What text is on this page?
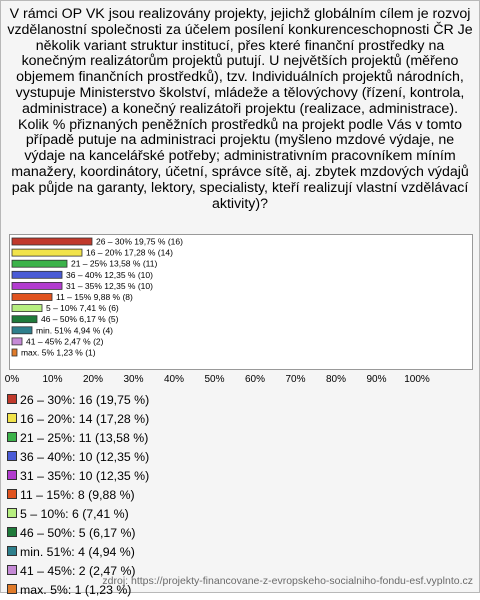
V rámci OP VK jsou realizovány projekty, jejichž globálním cílem je rozvoj vzdělanostní společnosti za účelem posílení konkurenceschopnosti ČR Je několik variant struktur institucí, přes které finanční prostředky na konečným realizátorům projektů putují. U největších projektů (měřeno objemem finančních prostředků), tzv. Individuálních projektů národních, vystupuje Ministerstvo školství, mládeže a tělovýchovy (řízení, kontrola, administrace) a konečný realizátoři projektu (realizace, administrace). Kolik % přiznaných peněžních prostředků na projekt podle Vás v tomto případě putuje na administraci projektu (myšleno mzdové výdaje, ne výdaje na kancelářské potřeby; administrativním pracovníkem míním manažery, koordinátory, účetní, správce sítě, aj. zbytek mzdových výdajů pak půjde na garanty, lektory, specialisty, kteří realizují vlastní vzdělávací aktivity)?

26 – 30% 19,75 % (16)
16 – 20% 17,28 % (14)
21 – 25% 13,58 % (11)
36 – 40% 12,35 % (10)
31 – 35% 12,35 % (10)
11 – 15% 9,88 % (8)
5 – 10% 7,41 % (6)
46 – 50% 6,17 % (5)
min. 51% 4,94 % (4)
41 – 45% 2,47 % (2)
max. 5% 1,23 % (1)
0% 10% 20% 30% 40% 50% 60% 70% 80% 90% 100%
26 – 30%: 16 (19,75 %)
16 – 20%: 14 (17,28 %)
21 – 25%: 11 (13,58 %)
36 – 40%: 10 (12,35 %)
31 – 35%: 10 (12,35 %)
11 – 15%: 8 (9,88 %)
5 – 10%: 6 (7,41 %)
46 – 50%: 5 (6,17 %)
min. 51%: 4 (4,94 %)
41 – 45%: 2 (2,47 %)
max. 5%: 1 (1,23 %)
zdroj: https://projekty-financovane-z-evropskeho-socialniho-fondu-esf.vyplnto.cz
